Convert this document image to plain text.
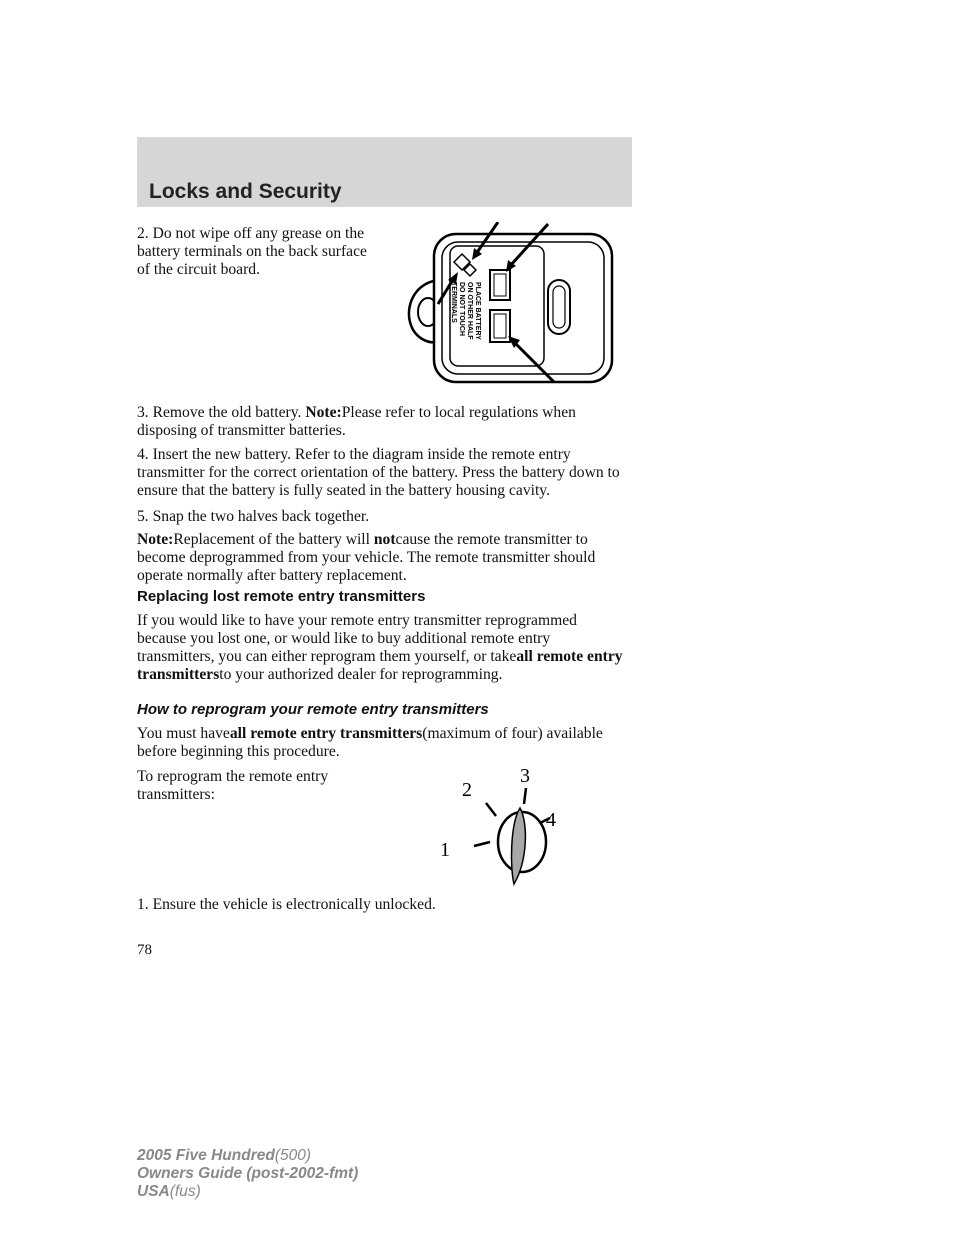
Locks and Security

2. Do not wipe off any grease on the battery terminals on the back surface of the circuit board.

PLACE BATTERY
ON OTHER HALF
DO NOT TOUCH
TERMINALS

3. Remove the old battery. Note:Please refer to local regulations when disposing of transmitter batteries.

4. Insert the new battery. Refer to the diagram inside the remote entry transmitter for the correct orientation of the battery. Press the battery down to ensure that the battery is fully seated in the battery housing cavity.

5. Snap the two halves back together.

Note:Replacement of the battery will notcause the remote transmitter to become deprogrammed from your vehicle. The remote transmitter should operate normally after battery replacement.

Replacing lost remote entry transmitters

If you would like to have your remote entry transmitter reprogrammed because you lost one, or would like to buy additional remote entry transmitters, you can either reprogram them yourself, or takeall remote entry transmittersto your authorized dealer for reprogramming.

How to reprogram your remote entry transmitters

You must haveall remote entry transmitters(maximum of four) available before beginning this procedure.

To reprogram the remote entry transmitters:

1
2
3
4

1. Ensure the vehicle is electronically unlocked.

78
2005 Five Hundred(500)
Owners Guide (post-2002-fmt)
USA(fus)
